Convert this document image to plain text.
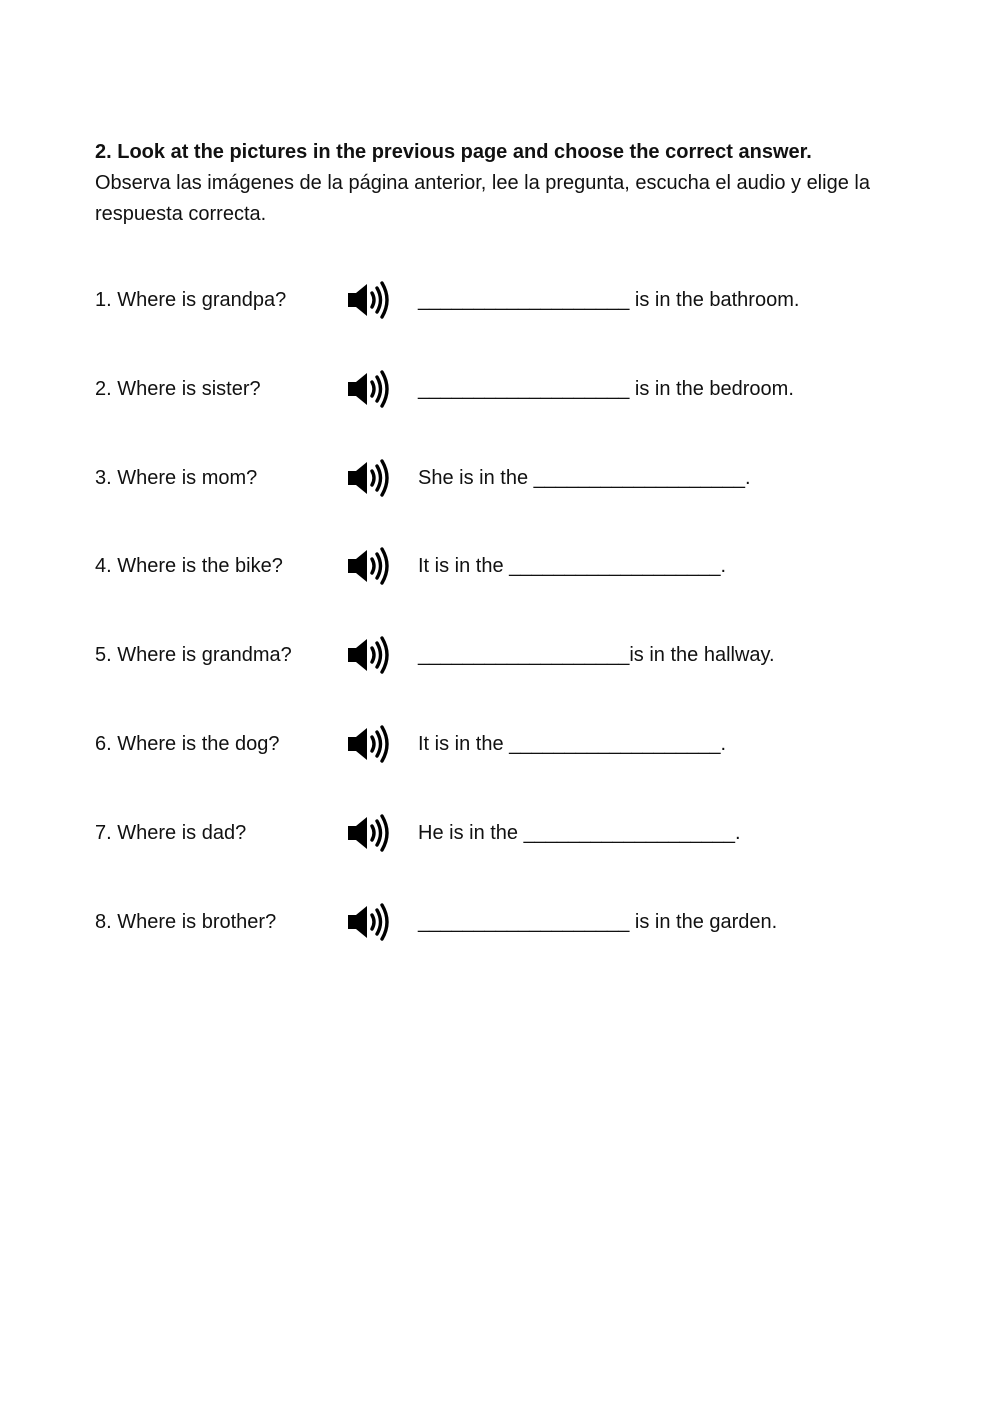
2. Look at the pictures in the previous page and choose the correct answer.

Observa las imágenes de la página anterior, lee la pregunta, escucha el audio y elige la respuesta correcta.

1. Where is grandpa?	___________________ is in the bathroom.
2. Where is sister?	___________________ is in the bedroom.
3. Where is mom?	She is in the ___________________.
4. Where is the bike?	It is in the ___________________.
5. Where is grandma?	___________________is in the hallway.
6. Where is the dog?	It is in the ___________________.
7. Where is dad?	He is in the ___________________.
8. Where is brother?	___________________ is in the garden.
